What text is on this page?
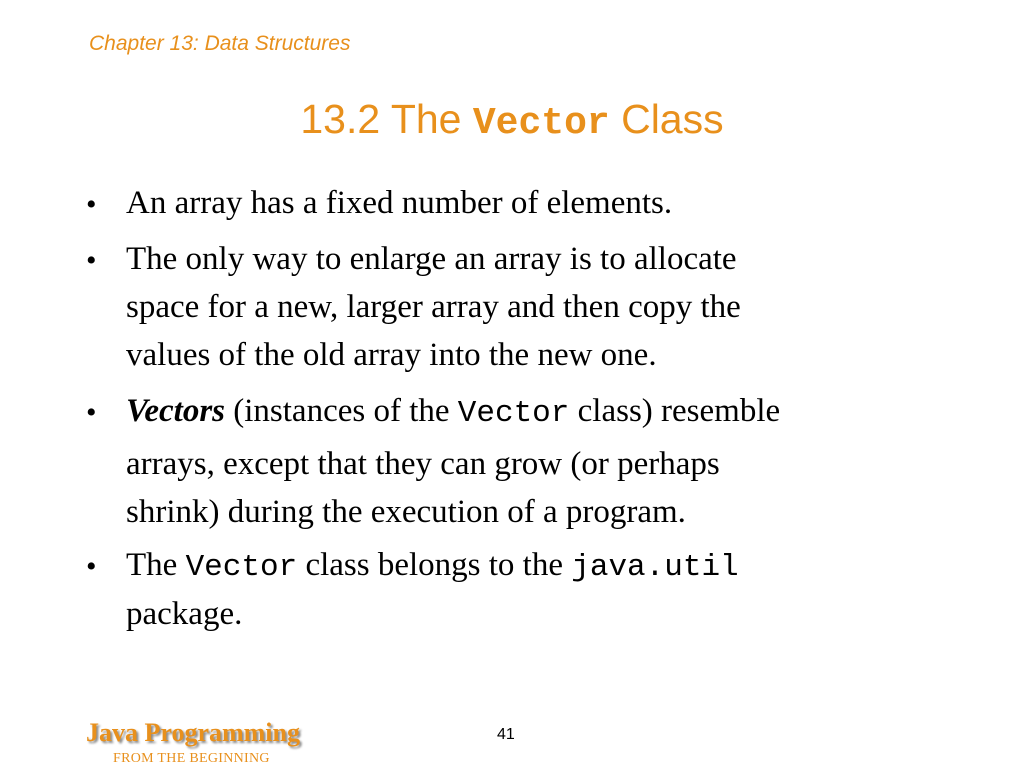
Chapter 13: Data Structures
13.2 The Vector Class
• An array has a fixed number of elements.
• The only way to enlarge an array is to allocate
space for a new, larger array and then copy the
values of the old array into the new one.
• Vectors (instances of the Vector class) resemble
arrays, except that they can grow (or perhaps
shrink) during the execution of a program.
• The Vector class belongs to the java.util
package.
Java Programming
FROM THE BEGINNING
41
